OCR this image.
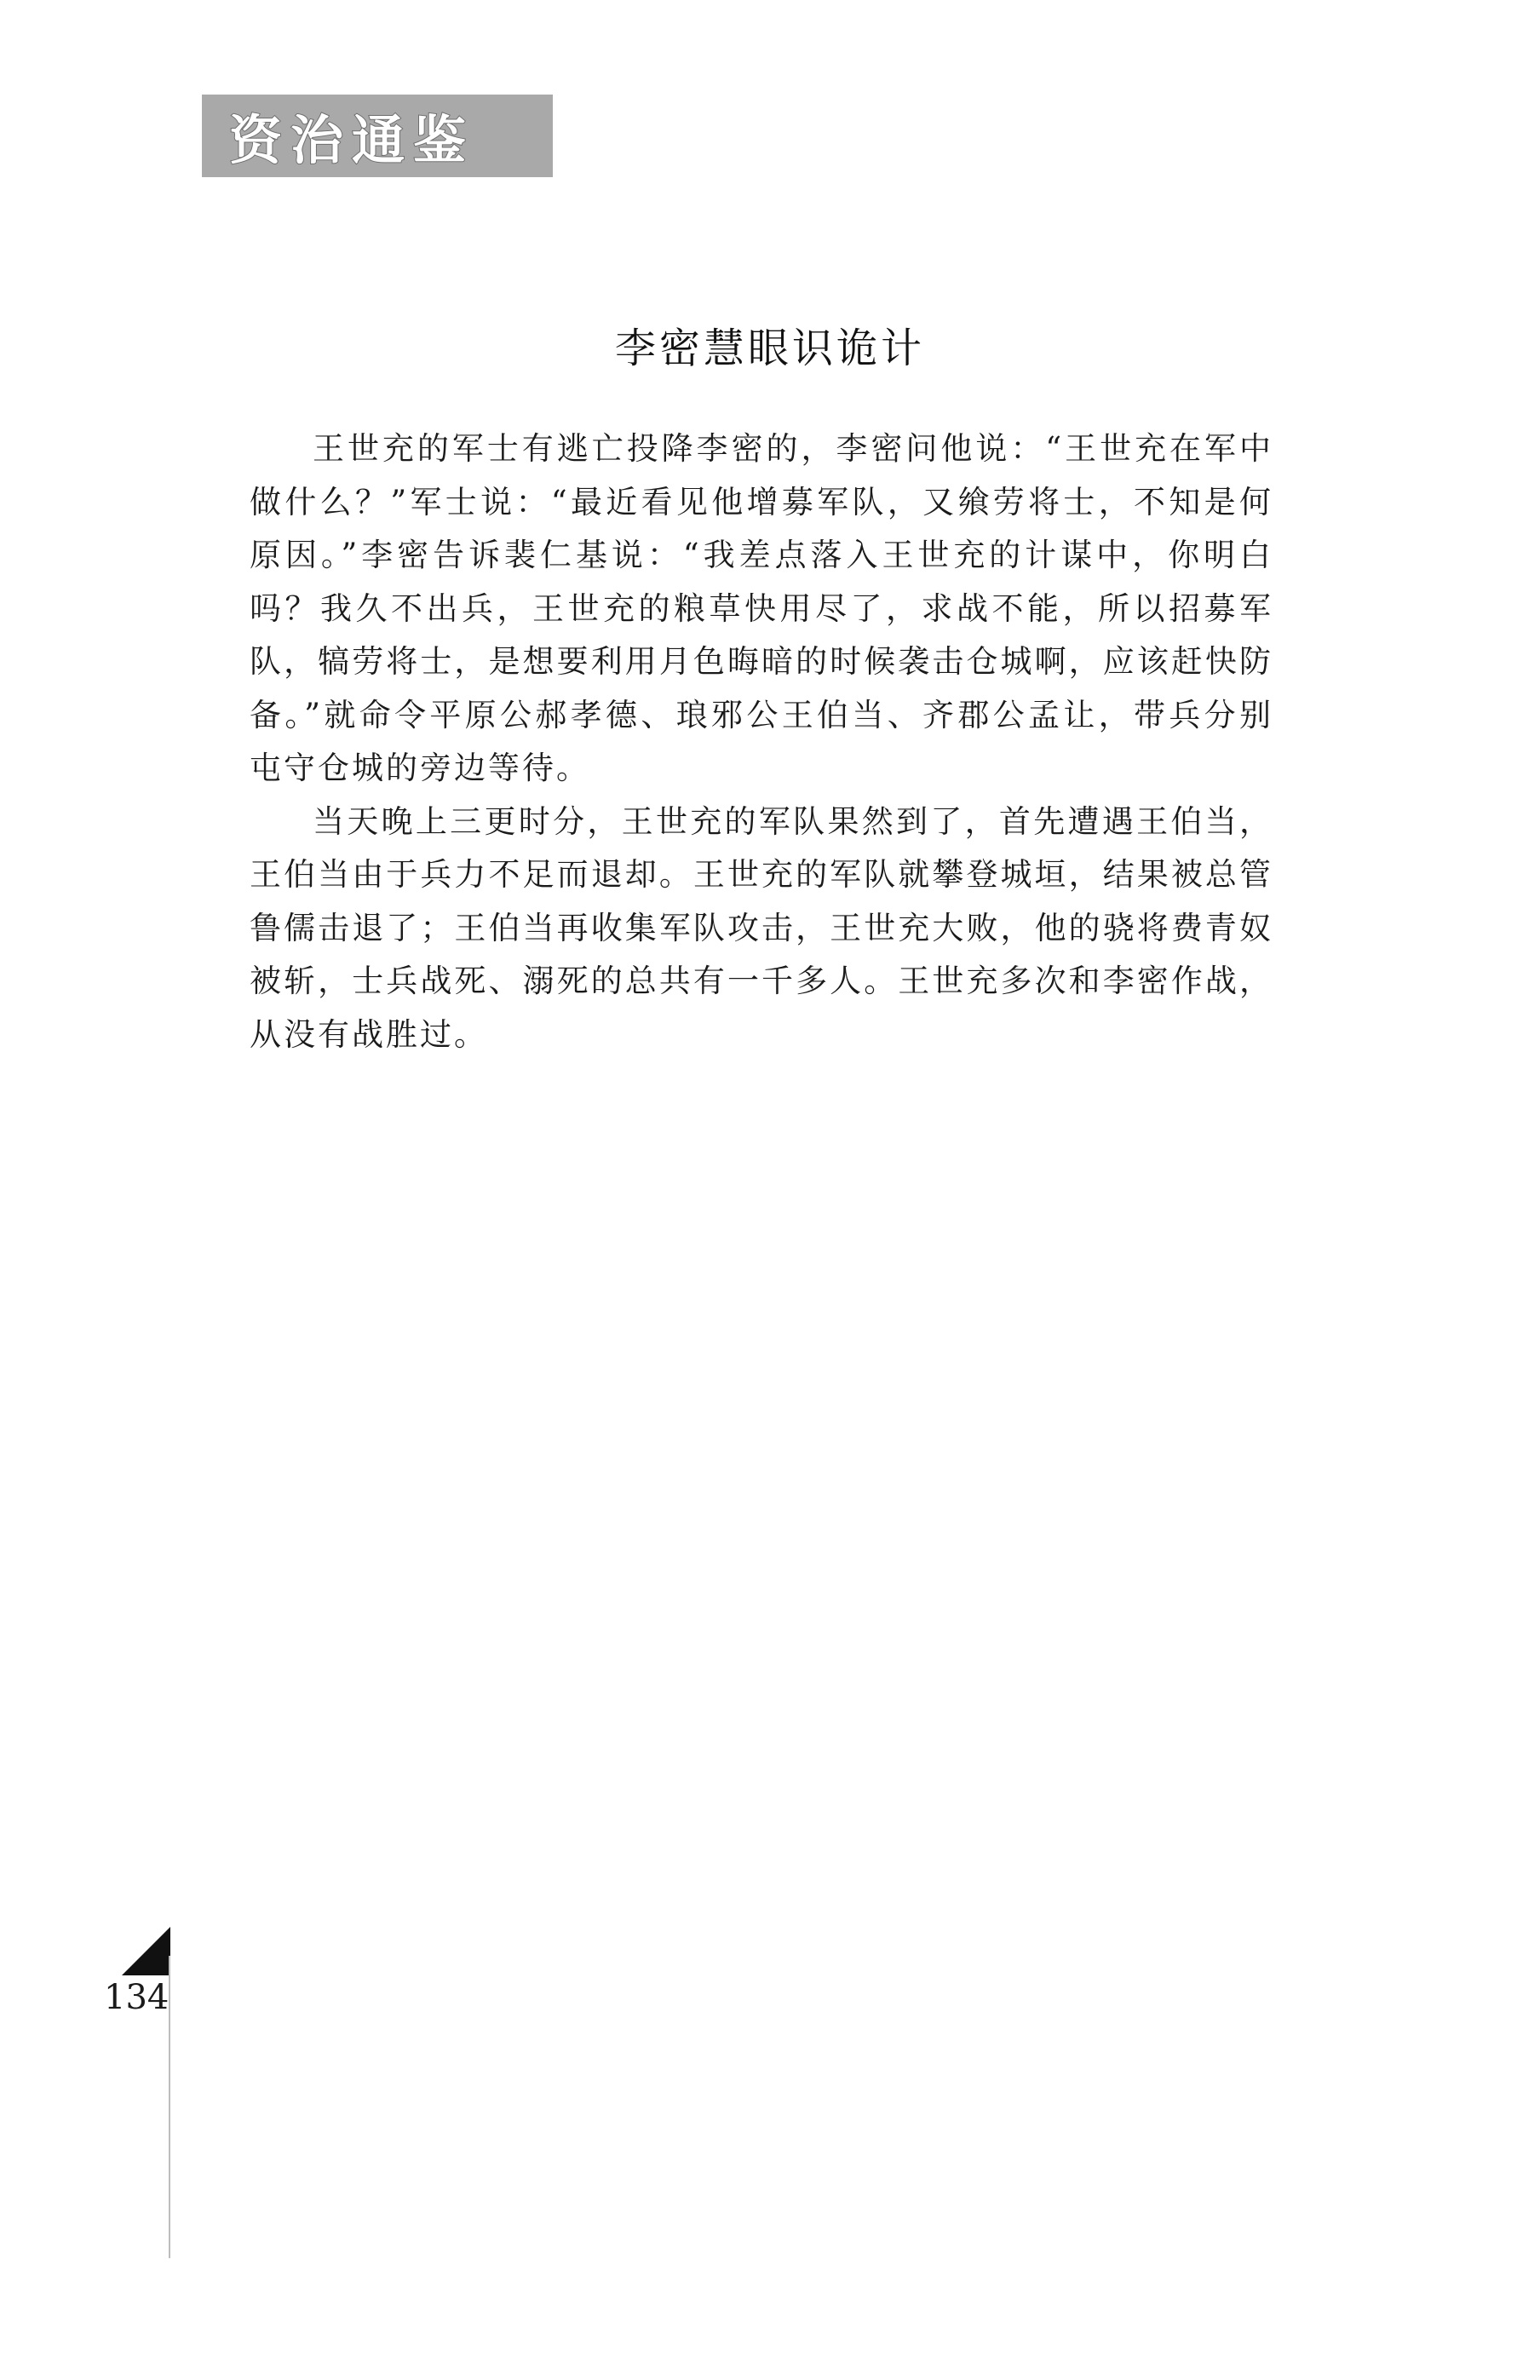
资治通鉴
李密慧眼识诡计

王世充的军士有逃亡投降李密的，李密问他说：“王世充在军中做什么？”军士说：“最近看见他增募军队，又飨劳将士，不知是何原因。”李密告诉裴仁基说：“我差点落入王世充的计谋中，你明白吗？我久不出兵，王世充的粮草快用尽了，求战不能，所以招募军队，犒劳将士，是想要利用月色晦暗的时候袭击仓城啊，应该赶快防备。”就命令平原公郝孝德、琅邪公王伯当、齐郡公孟让，带兵分别屯守仓城的旁边等待。

当天晚上三更时分，王世充的军队果然到了，首先遭遇王伯当，王伯当由于兵力不足而退却。王世充的军队就攀登城垣，结果被总管鲁儒击退了；王伯当再收集军队攻击，王世充大败，他的骁将费青奴被斩，士兵战死、溺死的总共有一千多人。王世充多次和李密作战，从没有战胜过。

134
